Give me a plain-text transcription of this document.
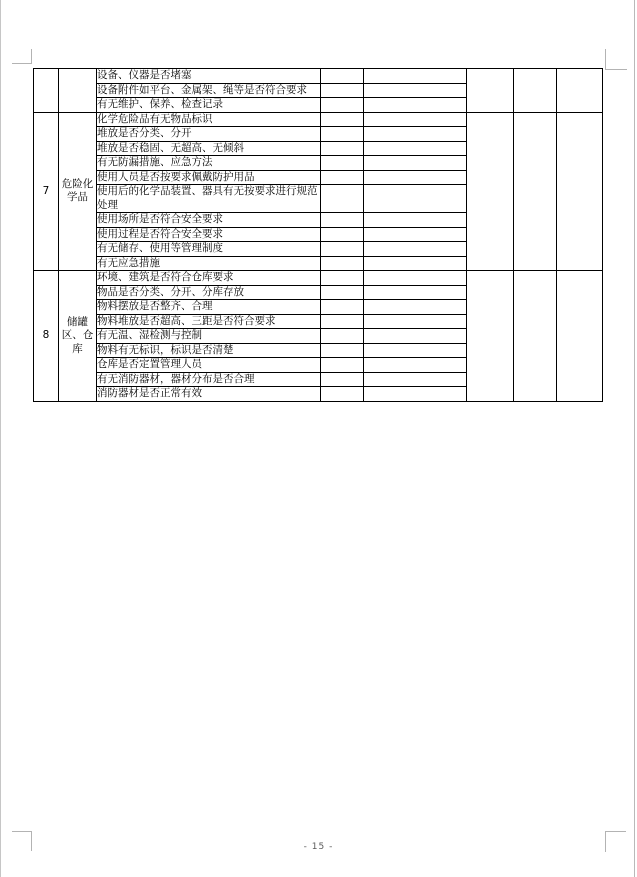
		设备、仪器是否堵塞					
		设备附件如平台、金属架、绳等是否符合要求					
		有无维护、保养、检查记录					
7	危险化学品	化学危险品有无物品标识					
		堆放是否分类、分开					
		堆放是否稳固、无超高、无倾斜					
		有无防漏措施、应急方法					
		使用人员是否按要求佩戴防护用品					
		使用后的化学品装置、器具有无按要求进行规范处理					
		使用场所是否符合安全要求					
		使用过程是否符合安全要求					
		有无储存、使用等管理制度					
		有无应急措施					
8	储罐区、仓库	环境、建筑是否符合仓库要求					
		物品是否分类、分开、分库存放					
		物料摆放是否整齐、合理					
		物料堆放是否超高、三距是否符合要求					
		有无温、湿检测与控制					
		物料有无标识，标识是否清楚					
		仓库是否定置管理人员					
		有无消防器材，器材分布是否合理					
		消防器材是否正常有效					
- 15 -
